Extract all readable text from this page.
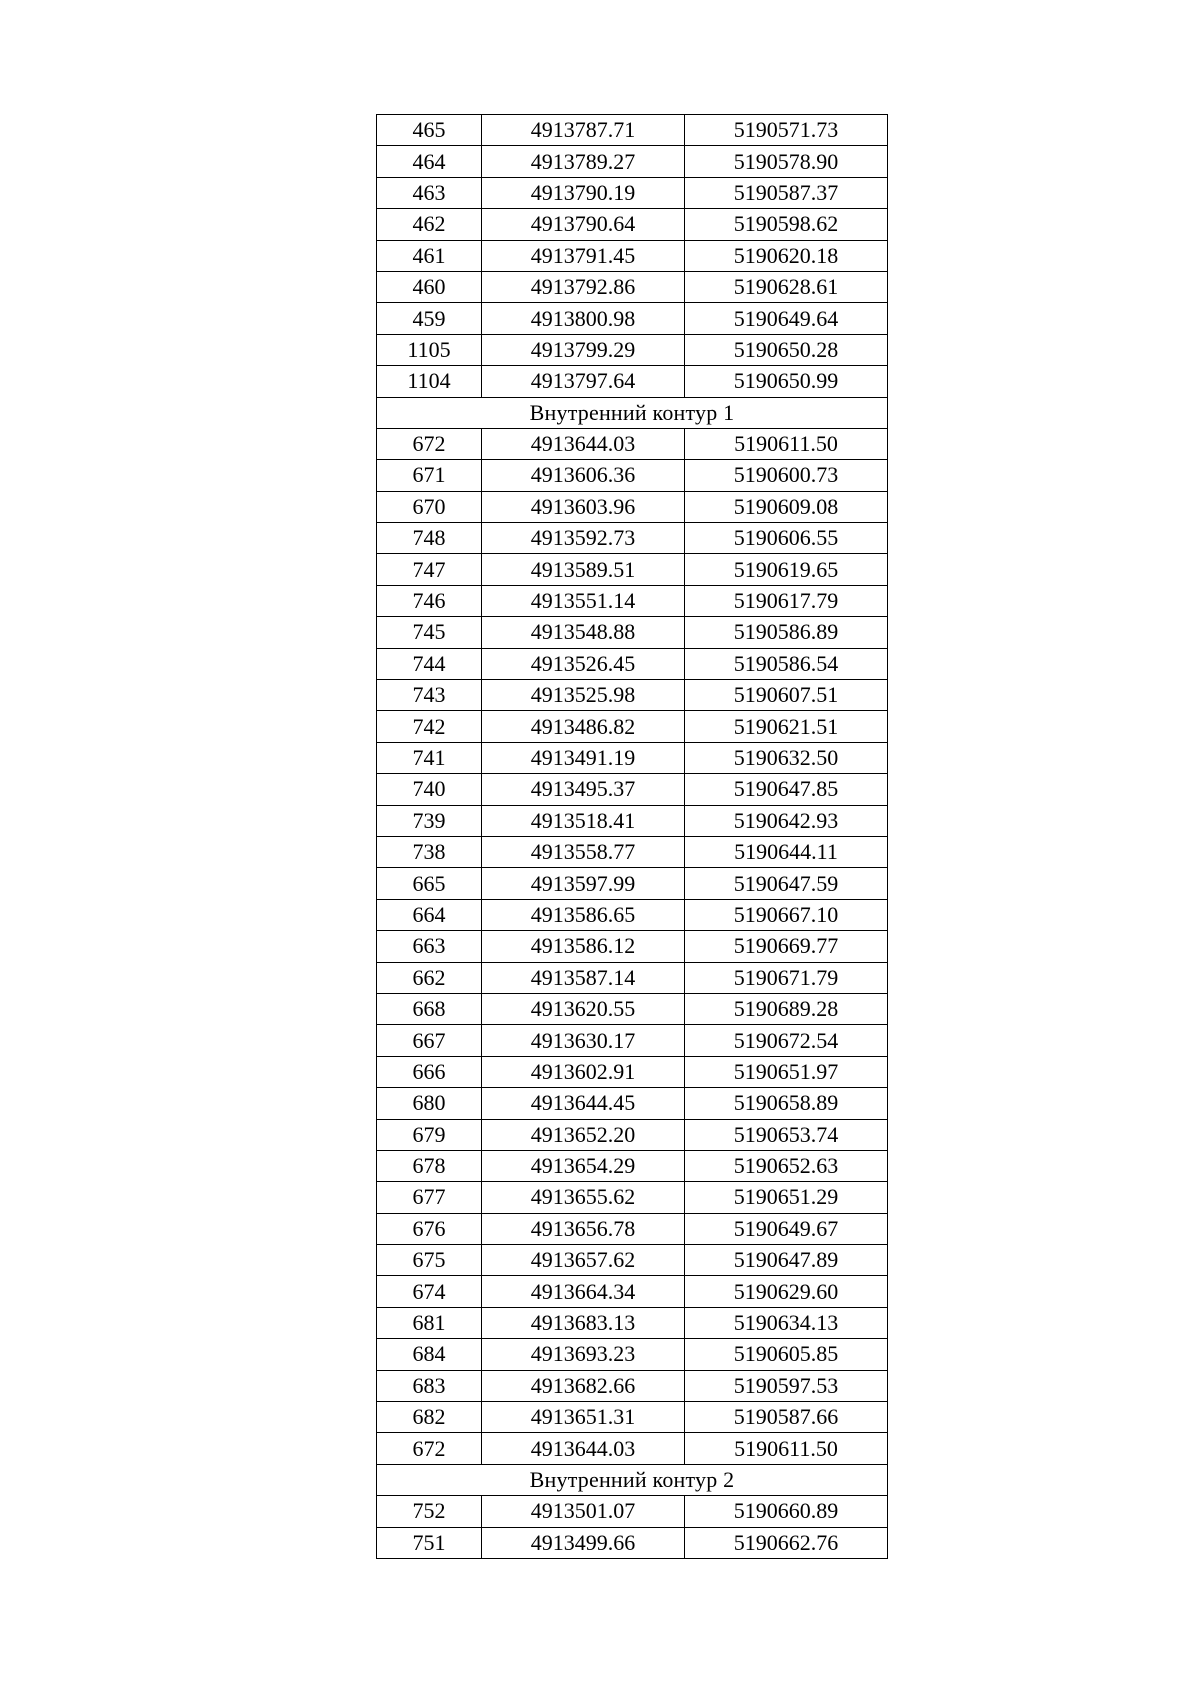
465	4913787.71	5190571.73
464	4913789.27	5190578.90
463	4913790.19	5190587.37
462	4913790.64	5190598.62
461	4913791.45	5190620.18
460	4913792.86	5190628.61
459	4913800.98	5190649.64
1105	4913799.29	5190650.28
1104	4913797.64	5190650.99
Внутренний контур 1		
672	4913644.03	5190611.50
671	4913606.36	5190600.73
670	4913603.96	5190609.08
748	4913592.73	5190606.55
747	4913589.51	5190619.65
746	4913551.14	5190617.79
745	4913548.88	5190586.89
744	4913526.45	5190586.54
743	4913525.98	5190607.51
742	4913486.82	5190621.51
741	4913491.19	5190632.50
740	4913495.37	5190647.85
739	4913518.41	5190642.93
738	4913558.77	5190644.11
665	4913597.99	5190647.59
664	4913586.65	5190667.10
663	4913586.12	5190669.77
662	4913587.14	5190671.79
668	4913620.55	5190689.28
667	4913630.17	5190672.54
666	4913602.91	5190651.97
680	4913644.45	5190658.89
679	4913652.20	5190653.74
678	4913654.29	5190652.63
677	4913655.62	5190651.29
676	4913656.78	5190649.67
675	4913657.62	5190647.89
674	4913664.34	5190629.60
681	4913683.13	5190634.13
684	4913693.23	5190605.85
683	4913682.66	5190597.53
682	4913651.31	5190587.66
672	4913644.03	5190611.50
Внутренний контур 2		
752	4913501.07	5190660.89
751	4913499.66	5190662.76
